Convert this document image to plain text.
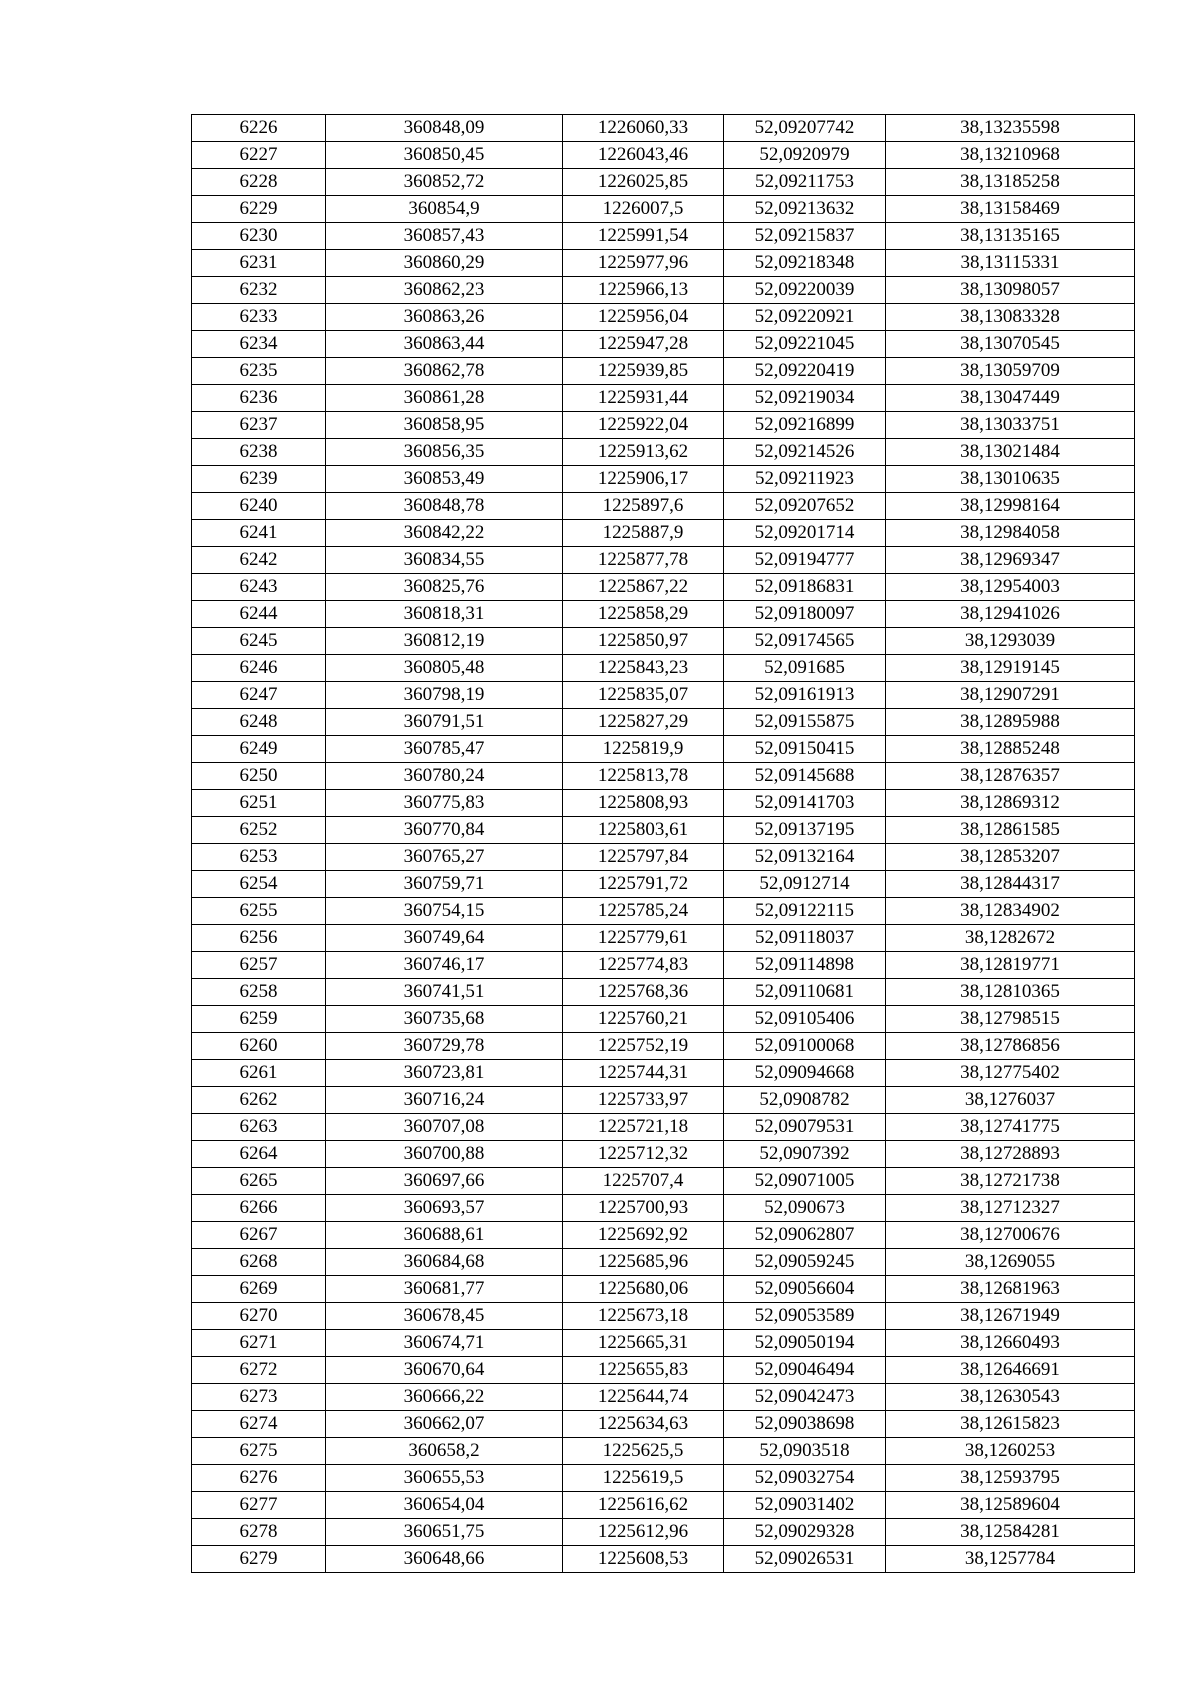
6226	360848,09	1226060,33	52,09207742	38,13235598
6227	360850,45	1226043,46	52,0920979	38,13210968
6228	360852,72	1226025,85	52,09211753	38,13185258
6229	360854,9	1226007,5	52,09213632	38,13158469
6230	360857,43	1225991,54	52,09215837	38,13135165
6231	360860,29	1225977,96	52,09218348	38,13115331
6232	360862,23	1225966,13	52,09220039	38,13098057
6233	360863,26	1225956,04	52,09220921	38,13083328
6234	360863,44	1225947,28	52,09221045	38,13070545
6235	360862,78	1225939,85	52,09220419	38,13059709
6236	360861,28	1225931,44	52,09219034	38,13047449
6237	360858,95	1225922,04	52,09216899	38,13033751
6238	360856,35	1225913,62	52,09214526	38,13021484
6239	360853,49	1225906,17	52,09211923	38,13010635
6240	360848,78	1225897,6	52,09207652	38,12998164
6241	360842,22	1225887,9	52,09201714	38,12984058
6242	360834,55	1225877,78	52,09194777	38,12969347
6243	360825,76	1225867,22	52,09186831	38,12954003
6244	360818,31	1225858,29	52,09180097	38,12941026
6245	360812,19	1225850,97	52,09174565	38,1293039
6246	360805,48	1225843,23	52,091685	38,12919145
6247	360798,19	1225835,07	52,09161913	38,12907291
6248	360791,51	1225827,29	52,09155875	38,12895988
6249	360785,47	1225819,9	52,09150415	38,12885248
6250	360780,24	1225813,78	52,09145688	38,12876357
6251	360775,83	1225808,93	52,09141703	38,12869312
6252	360770,84	1225803,61	52,09137195	38,12861585
6253	360765,27	1225797,84	52,09132164	38,12853207
6254	360759,71	1225791,72	52,0912714	38,12844317
6255	360754,15	1225785,24	52,09122115	38,12834902
6256	360749,64	1225779,61	52,09118037	38,1282672
6257	360746,17	1225774,83	52,09114898	38,12819771
6258	360741,51	1225768,36	52,09110681	38,12810365
6259	360735,68	1225760,21	52,09105406	38,12798515
6260	360729,78	1225752,19	52,09100068	38,12786856
6261	360723,81	1225744,31	52,09094668	38,12775402
6262	360716,24	1225733,97	52,0908782	38,1276037
6263	360707,08	1225721,18	52,09079531	38,12741775
6264	360700,88	1225712,32	52,0907392	38,12728893
6265	360697,66	1225707,4	52,09071005	38,12721738
6266	360693,57	1225700,93	52,090673	38,12712327
6267	360688,61	1225692,92	52,09062807	38,12700676
6268	360684,68	1225685,96	52,09059245	38,1269055
6269	360681,77	1225680,06	52,09056604	38,12681963
6270	360678,45	1225673,18	52,09053589	38,12671949
6271	360674,71	1225665,31	52,09050194	38,12660493
6272	360670,64	1225655,83	52,09046494	38,12646691
6273	360666,22	1225644,74	52,09042473	38,12630543
6274	360662,07	1225634,63	52,09038698	38,12615823
6275	360658,2	1225625,5	52,0903518	38,1260253
6276	360655,53	1225619,5	52,09032754	38,12593795
6277	360654,04	1225616,62	52,09031402	38,12589604
6278	360651,75	1225612,96	52,09029328	38,12584281
6279	360648,66	1225608,53	52,09026531	38,1257784
